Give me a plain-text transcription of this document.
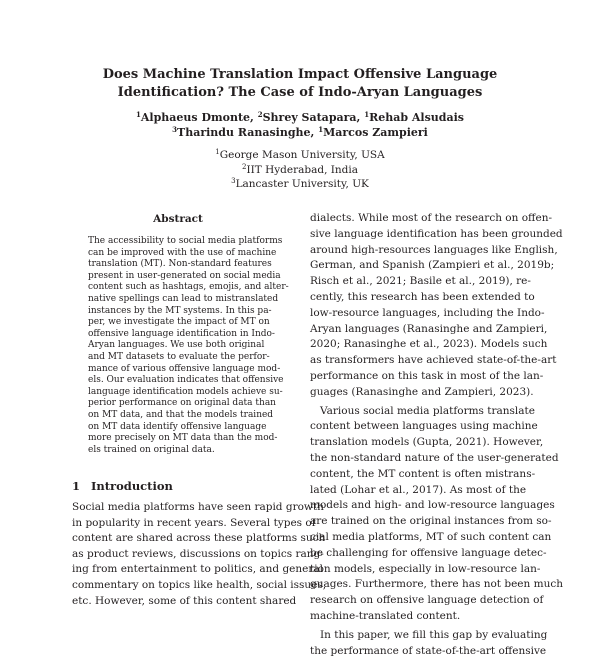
Does Machine Translation Impact Offensive Language
Identification? The Case of Indo-Aryan Languages
$^1$Alphaeus Dmonte, $^2$Shrey Satapara, $^1$Rehab Alsudais
$^3$Tharindu Ranasinghe, $^1$Marcos Zampieri
$^1$George Mason University, USA
$^2$IIT Hyderabad, India
$^3$Lancaster University, UK
Abstract
The accessibility to social media platforms
can be improved with the use of machine
translation (MT). Non-standard features
present in user-generated on social media
content such as hashtags, emojis, and alter-
native spellings can lead to mistranslated
instances by the MT systems. In this pa-
per, we investigate the impact of MT on
offensive language identification in Indo-
Aryan languages. We use both original
and MT datasets to evaluate the perfor-
mance of various offensive language mod-
els. Our evaluation indicates that offensive
language identification models achieve su-
perior performance on original data than
on MT data, and that the models trained
on MT data identify offensive language
more precisely on MT data than the mod-
els trained on original data.
1 Introduction
Social media platforms have seen rapid growth
in popularity in recent years. Several types of
content are shared across these platforms such
as product reviews, discussions on topics rang-
ing from entertainment to politics, and general
commentary on topics like health, social issues,
etc. However, some of this content shared
dialects. While most of the research on offen-
sive language identification has been grounded
around high-resources languages like English,
German, and Spanish (Zampieri et al., 2019b;
Risch et al., 2021; Basile et al., 2019), re-
cently, this research has been extended to
low-resource languages, including the Indo-
Aryan languages (Ranasinghe and Zampieri,
2020; Ranasinghe et al., 2023). Models such
as transformers have achieved state-of-the-art
performance on this task in most of the lan-
guages (Ranasinghe and Zampieri, 2023).
Various social media platforms translate
content between languages using machine
translation models (Gupta, 2021). However,
the non-standard nature of the user-generated
content, the MT content is often mistrans-
lated (Lohar et al., 2017). As most of the
models and high- and low-resource languages
are trained on the original instances from so-
cial media platforms, MT of such content can
be challenging for offensive language detec-
tion models, especially in low-resource lan-
guages. Furthermore, there has not been much
research on offensive language detection of
machine-translated content.
In this paper, we fill this gap by evaluating
the performance of state-of-the-art offensive
